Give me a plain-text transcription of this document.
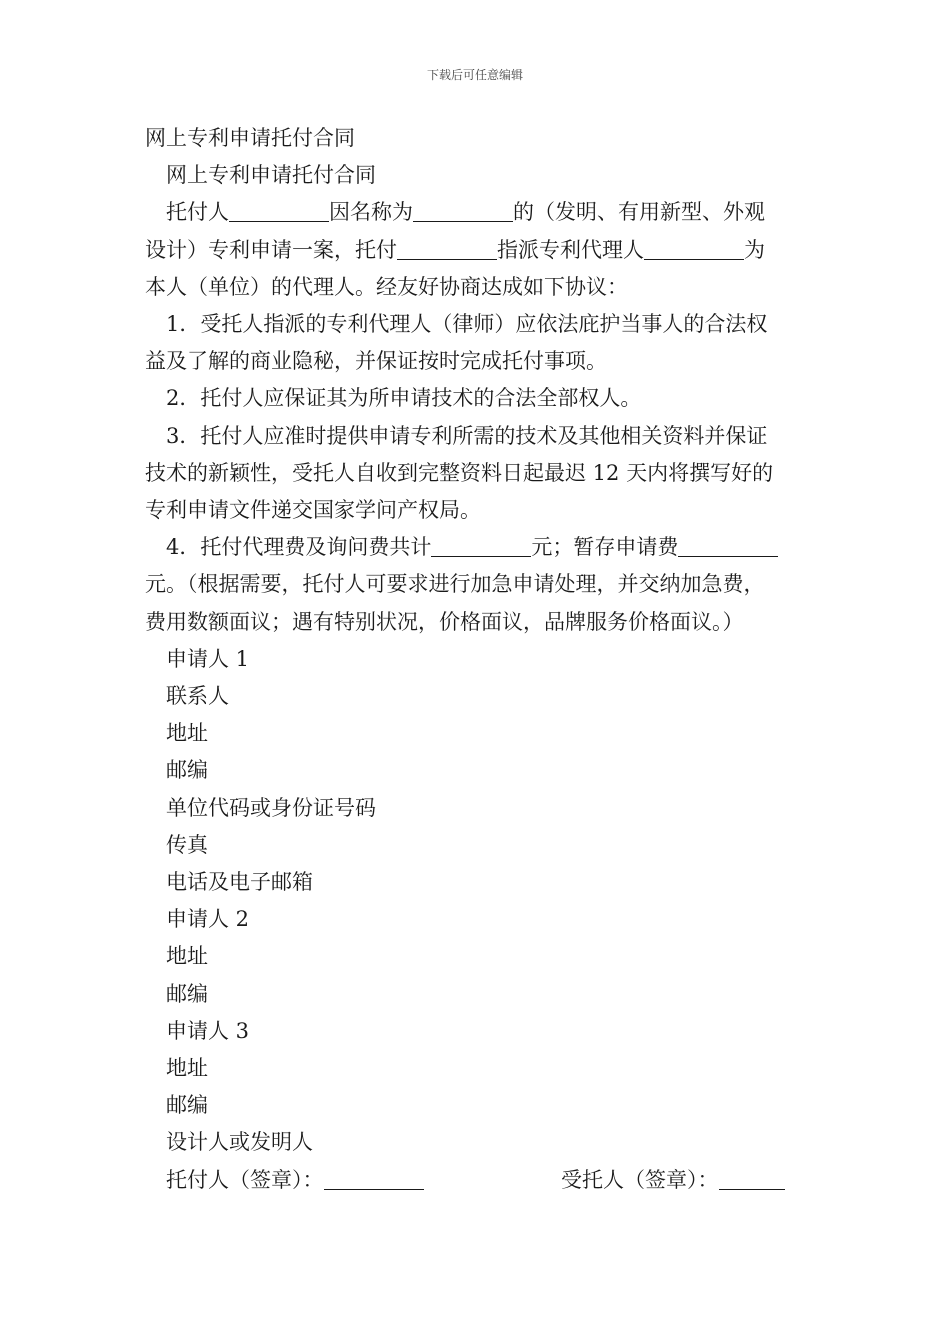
下载后可任意编辑

网上专利申请托付合同

网上专利申请托付合同

托付人	因名称为	的（发明、有用新型、外观

设计）专利申请一案，托付	指派专利代理人	为

本人（单位）的代理人。经友好协商达成如下协议：

1．受托人指派的专利代理人（律师）应依法庇护当事人的合法权

益及了解的商业隐秘，并保证按时完成托付事项。

2．托付人应保证其为所申请技术的合法全部权人。

3．托付人应准时提供申请专利所需的技术及其他相关资料并保证

技术的新颖性，受托人自收到完整资料日起最迟 12 天内将撰写好的

专利申请文件递交国家学问产权局。

4．托付代理费及询问费共计	元；暂存申请费

元。（根据需要，托付人可要求进行加急申请处理，并交纳加急费，

费用数额面议；遇有特别状况，价格面议，品牌服务价格面议。）

申请人 1

联系人

地址

邮编

单位代码或身份证号码

传真

电话及电子邮箱

申请人 2

地址

邮编

申请人 3

地址

邮编

设计人或发明人

托付人（签章）：	受托人（签章）：
